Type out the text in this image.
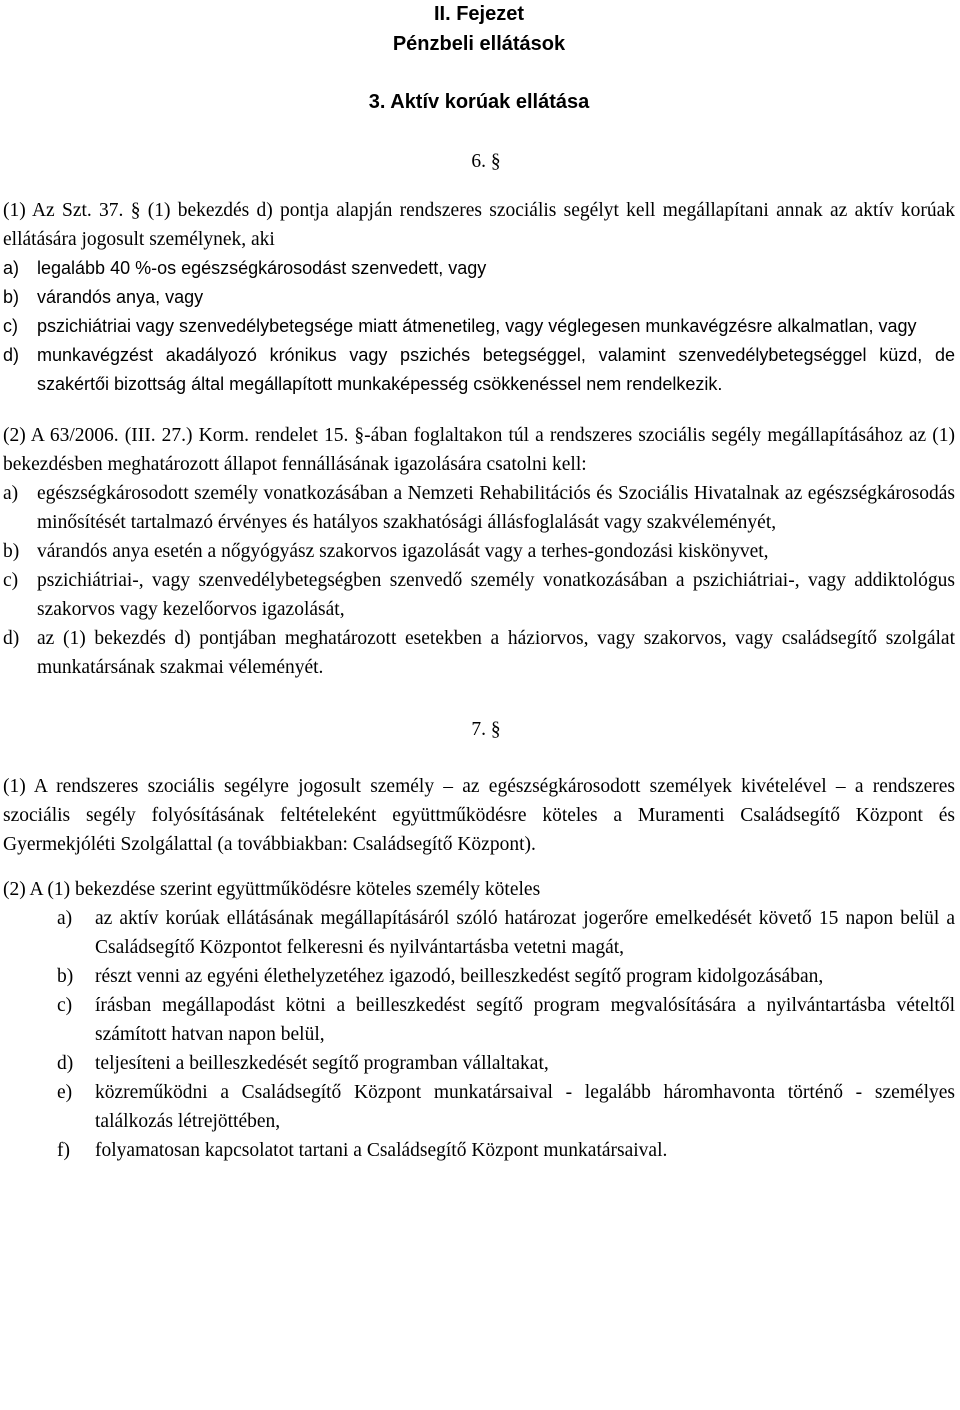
II. Fejezet
Pénzbeli ellátások
3. Aktív korúak ellátása
6. §
(1) Az Szt. 37. § (1) bekezdés d) pontja alapján rendszeres szociális segélyt kell megállapítani annak az aktív korúak ellátására jogosult személynek, aki
a) legalább 40 %-os egészségkárosodást szenvedett, vagy
b) várandós anya, vagy
c)	pszichiátriai vagy szenvedélybetegsége miatt átmenetileg, vagy véglegesen munkavégzésre alkalmatlan, vagy
d) munkavégzést akadályozó krónikus vagy pszichés betegséggel, valamint szenvedélybetegséggel küzd, de szakértői bizottság által megállapított munkaképesség csökkenéssel nem rendelkezik.
(2) A 63/2006. (III. 27.) Korm. rendelet 15. §-ában foglaltakon túl a rendszeres szociális segély megállapításához az (1) bekezdésben meghatározott állapot fennállásának igazolására csatolni kell:
a) egészségkárosodott személy vonatkozásában a Nemzeti Rehabilitációs és Szociális Hivatalnak az egészségkárosodás minősítését tartalmazó érvényes és hatályos szakhatósági állásfoglalását vagy szakvéleményét,
b) várandós anya esetén a nőgyógyász szakorvos igazolását vagy a terhes-gondozási kiskönyvet,
c) pszichiátriai-, vagy szenvedélybetegségben szenvedő személy vonatkozásában a pszichiátriai-, vagy addiktológus szakorvos vagy kezelőorvos igazolását,
d) az (1) bekezdés d) pontjában meghatározott esetekben a háziorvos, vagy szakorvos, vagy családsegítő szolgálat munkatársának szakmai véleményét.
7. §
(1) A rendszeres szociális segélyre jogosult személy – az egészségkárosodott személyek kivételével – a rendszeres szociális segély folyósításának feltételeként együttműködésre köteles a Muramenti Családsegítő Központ és Gyermekjóléti Szolgálattal (a továbbiakban: Családsegítő Központ).
(2) A (1) bekezdése szerint együttműködésre köteles személy köteles
a)	az aktív korúak ellátásának megállapításáról szóló határozat jogerőre emelkedését követő 15 napon belül a Családsegítő Központot felkeresni és nyilvántartásba vetetni magát,
b)	részt venni az egyéni élethelyzetéhez igazodó, beilleszkedést segítő program kidolgozásában,
c)	írásban megállapodást kötni a beilleszkedést segítő program megvalósítására a nyilvántartásba vételtől számított hatvan napon belül,
d)	teljesíteni a beilleszkedését segítő programban vállaltakat,
e)	közreműködni a Családsegítő Központ munkatársaival - legalább háromhavonta történő - személyes találkozás létrejöttében,
f)	folyamatosan kapcsolatot tartani a Családsegítő Központ munkatársaival.
